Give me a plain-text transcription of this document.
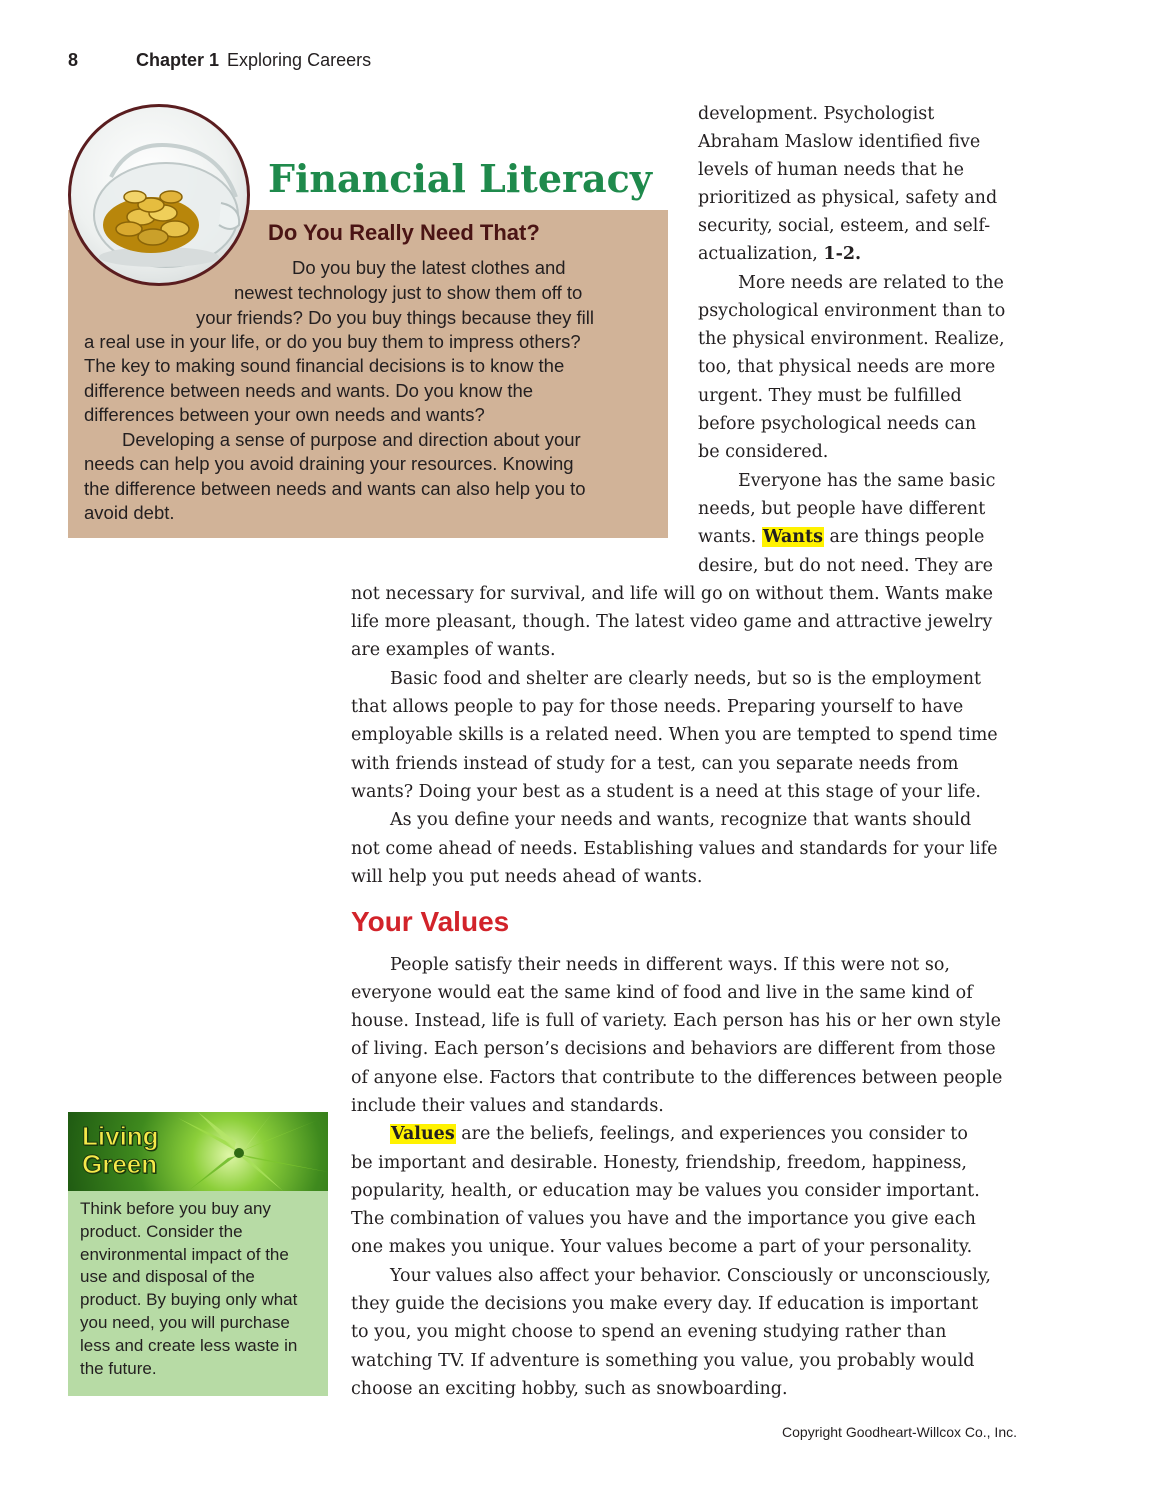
8	Chapter 1 Exploring Careers
Financial Literacy
Do You Really Need That?
Do you buy the latest clothes and
newest technology just to show them off to
your friends? Do you buy things because they fill
a real use in your life, or do you buy them to impress others?
The key to making sound financial decisions is to know the
difference between needs and wants. Do you know the
differences between your own needs and wants?
Developing a sense of purpose and direction about your
needs can help you avoid draining your resources. Knowing
the difference between needs and wants can also help you to
avoid debt.
development. Psychologist
Abraham Maslow identified five
levels of human needs that he
prioritized as physical, safety and
security, social, esteem, and self-
actualization, 1-2.
More needs are related to the
psychological environment than to
the physical environment. Realize,
too, that physical needs are more
urgent. They must be fulfilled
before psychological needs can
be considered.
Everyone has the same basic
needs, but people have different
wants. Wants are things people
desire, but do not need. They are
not necessary for survival, and life will go on without them. Wants make
life more pleasant, though. The latest video game and attractive jewelry
are examples of wants.
Basic food and shelter are clearly needs, but so is the employment
that allows people to pay for those needs. Preparing yourself to have
employable skills is a related need. When you are tempted to spend time
with friends instead of study for a test, can you separate needs from
wants? Doing your best as a student is a need at this stage of your life.
As you define your needs and wants, recognize that wants should
not come ahead of needs. Establishing values and standards for your life
will help you put needs ahead of wants.
Your Values
People satisfy their needs in different ways. If this were not so,
everyone would eat the same kind of food and live in the same kind of
house. Instead, life is full of variety. Each person has his or her own style
of living. Each person’s decisions and behaviors are different from those
of anyone else. Factors that contribute to the differences between people
include their values and standards.
Values are the beliefs, feelings, and experiences you consider to
be important and desirable. Honesty, friendship, freedom, happiness,
popularity, health, or education may be values you consider important.
The combination of values you have and the importance you give each
one makes you unique. Your values become a part of your personality.
Your values also affect your behavior. Consciously or unconsciously,
they guide the decisions you make every day. If education is important
to you, you might choose to spend an evening studying rather than
watching TV. If adventure is something you value, you probably would
choose an exciting hobby, such as snowboarding.
Living
Green
Think before you buy any product. Consider the environmental impact of the use and disposal of the product. By buying only what you need, you will purchase less and create less waste in the future.
Copyright Goodheart-Willcox Co., Inc.
